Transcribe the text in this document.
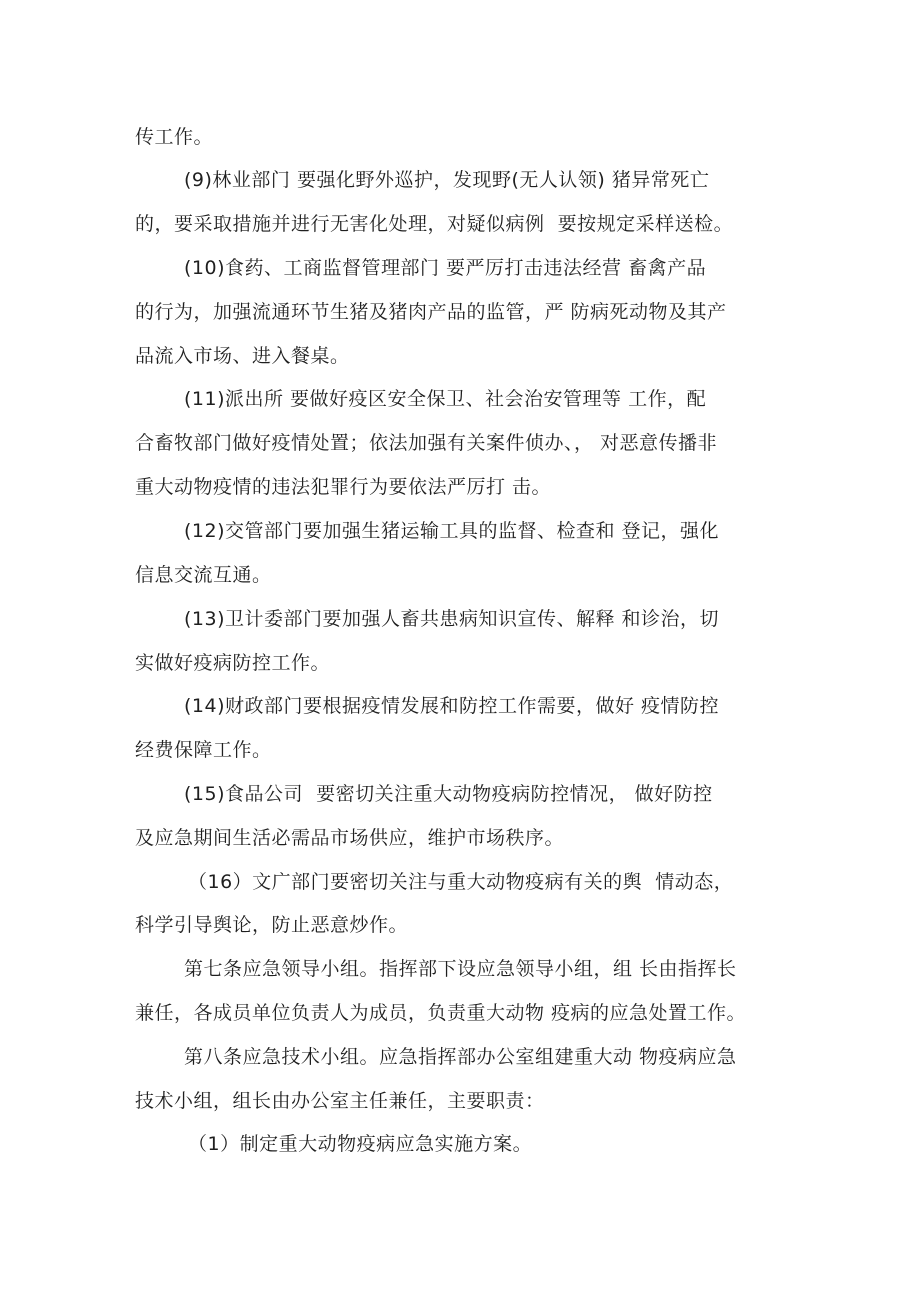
传工作。
(9)林业部门 要强化野外巡护，发现野(无人认领) 猪异常死亡
的，要采取措施并进行无害化处理，对疑似病例  要按规定采样送检。
(10)食药、工商监督管理部门 要严厉打击违法经营 畜禽产品
的行为，加强流通环节生猪及猪肉产品的监管，严 防病死动物及其产
品流入市场、进入餐桌。
(11)派出所 要做好疫区安全保卫、社会治安管理等 工作，配
合畜牧部门做好疫情处置；依法加强有关案件侦办、， 对恶意传播非
重大动物疫情的违法犯罪行为要依法严厉打 击。
(12)交管部门要加强生猪运输工具的监督、检查和 登记，强化
信息交流互通。
(13)卫计委部门要加强人畜共患病知识宣传、解释 和诊治，切
实做好疫病防控工作。
(14)财政部门要根据疫情发展和防控工作需要，做好 疫情防控
经费保障工作。
(15)食品公司  要密切关注重大动物疫病防控情况， 做好防控
及应急期间生活必需品市场供应，维护市场秩序。
（16）文广部门要密切关注与重大动物疫病有关的舆  情动态，
科学引导舆论，防止恶意炒作。
第七条应急领导小组。指挥部下设应急领导小组，组 长由指挥长
兼任，各成员单位负责人为成员，负责重大动物 疫病的应急处置工作。
第八条应急技术小组。应急指挥部办公室组建重大动 物疫病应急
技术小组，组长由办公室主任兼任，主要职责：
（1）制定重大动物疫病应急实施方案。
